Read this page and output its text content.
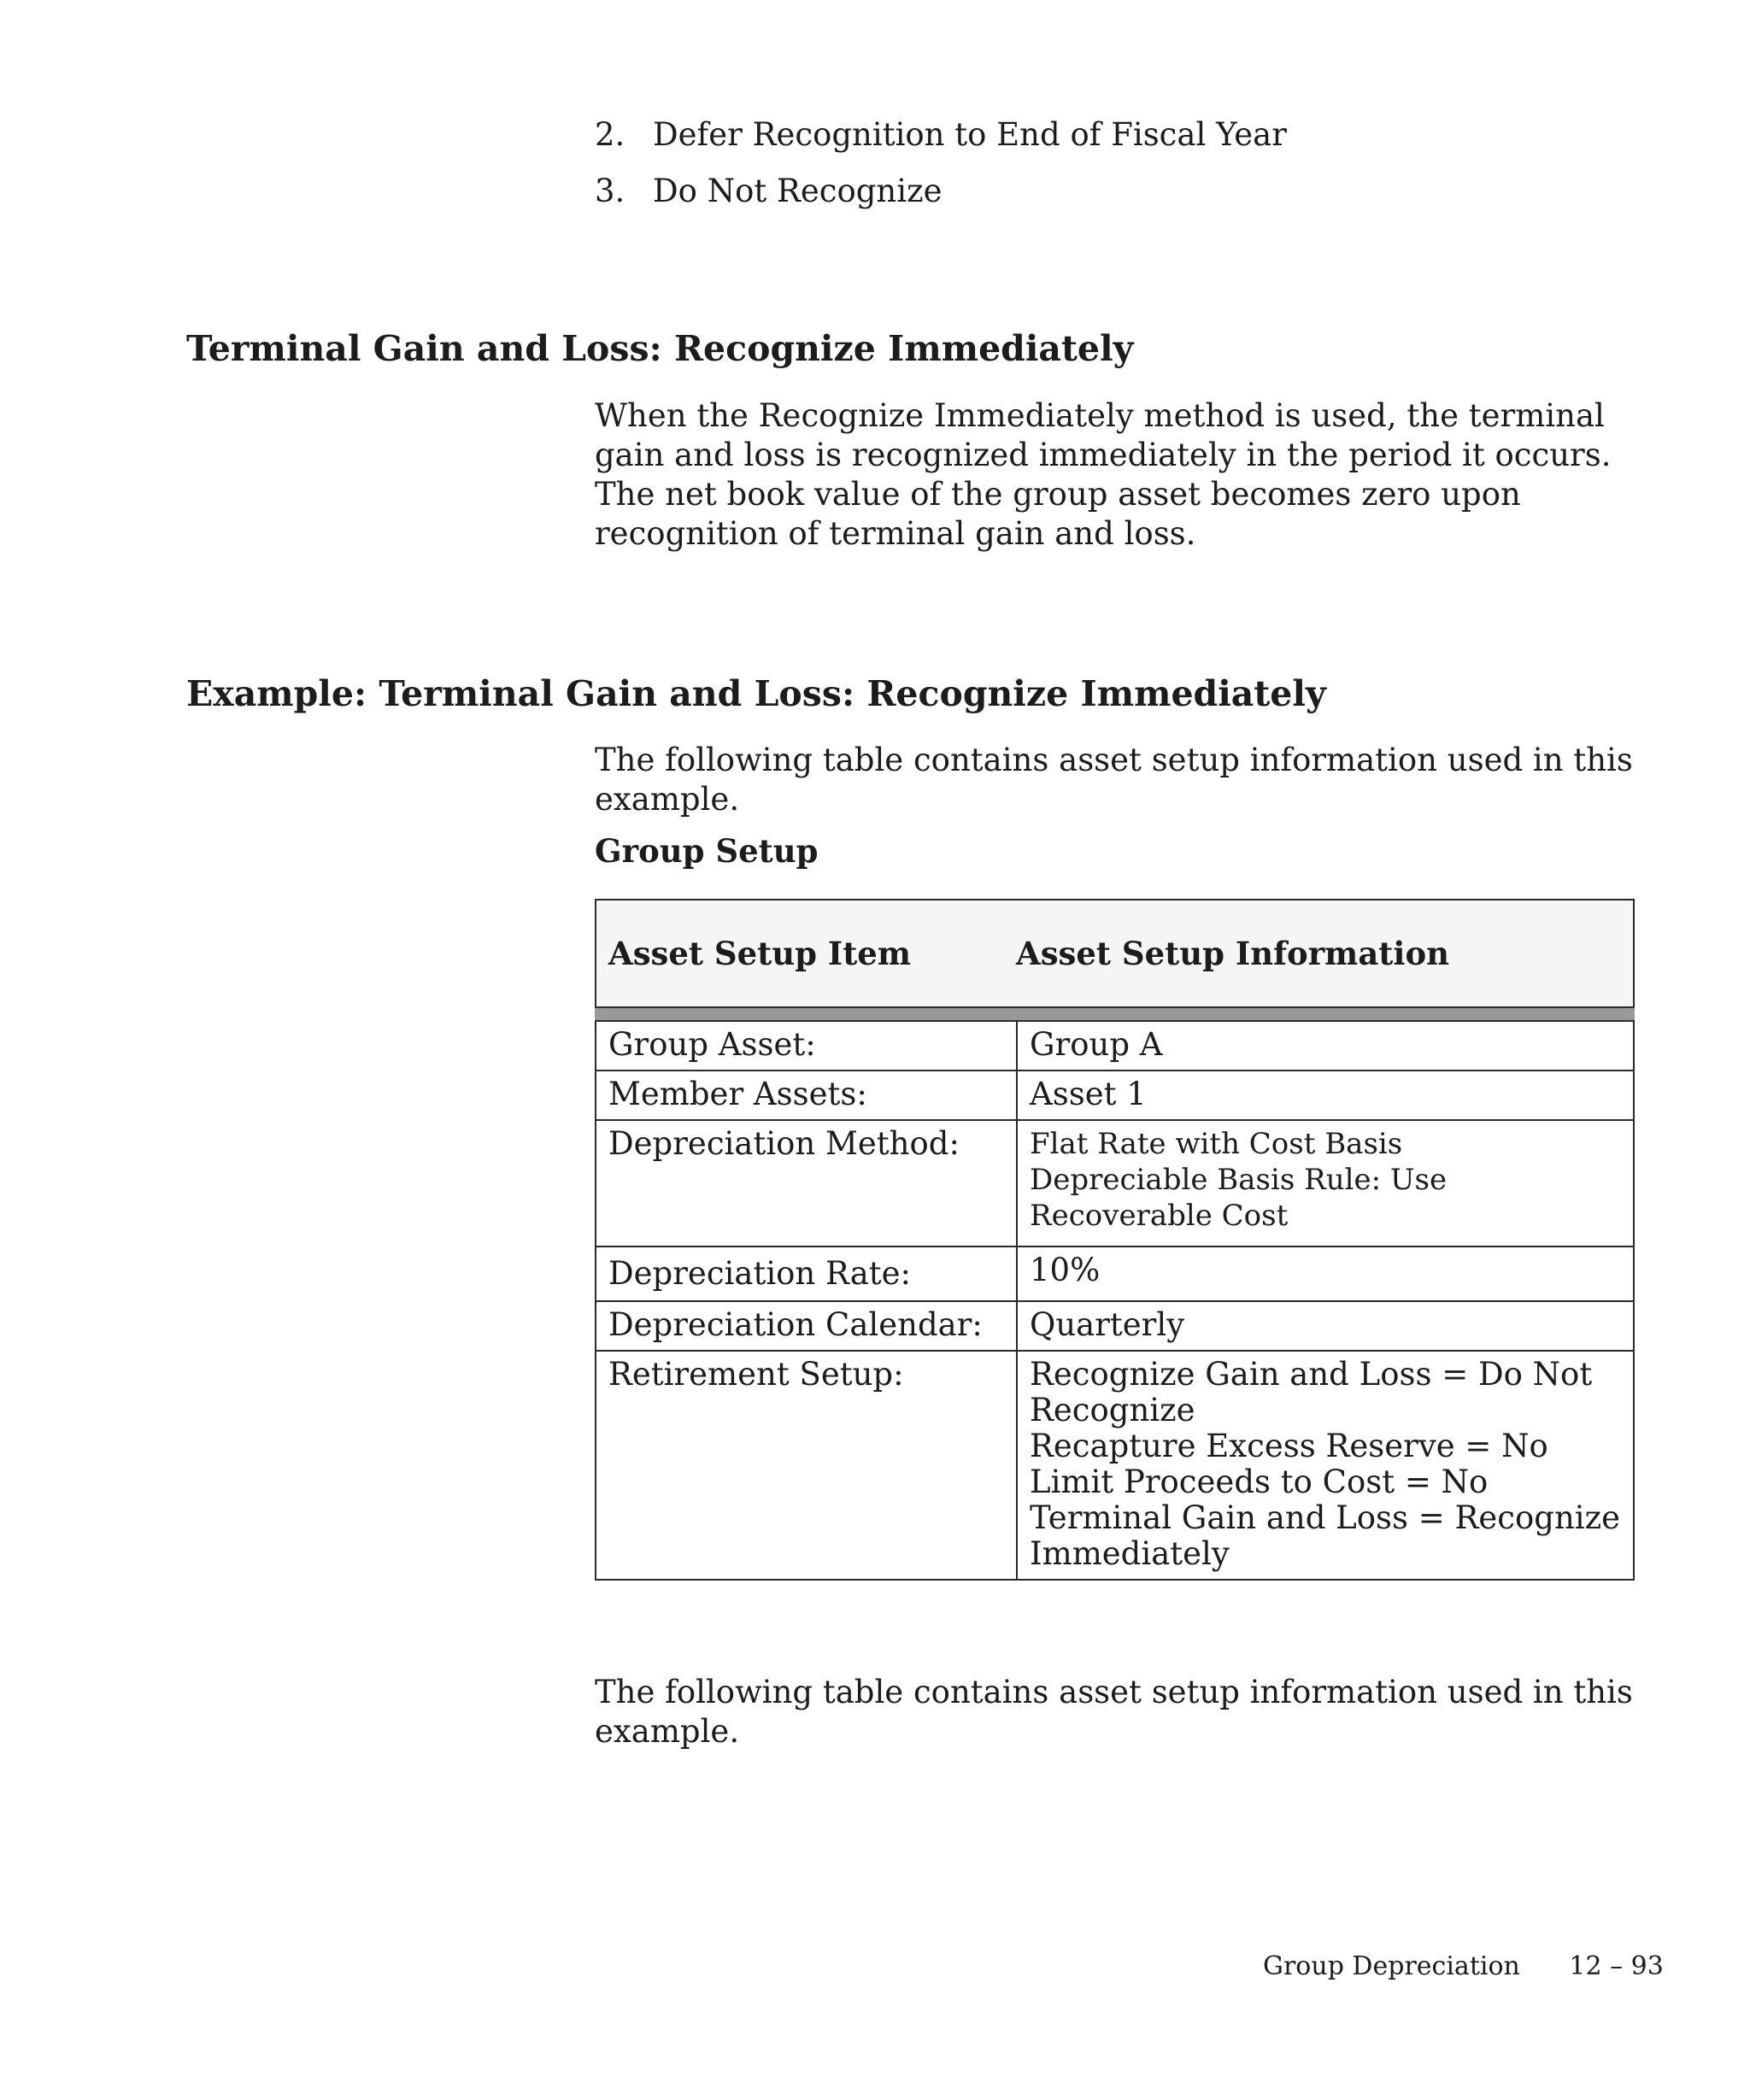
2. Defer Recognition to End of Fiscal Year
3. Do Not Recognize
Terminal Gain and Loss: Recognize Immediately

When the Recognize Immediately method is used, the terminal gain and loss is recognized immediately in the period it occurs. The net book value of the group asset becomes zero upon recognition of terminal gain and loss.

Example: Terminal Gain and Loss: Recognize Immediately

The following table contains asset setup information used in this example.

Group Setup

Asset Setup Item	Asset Setup Information
Group Asset:	Group A
Member Assets:	Asset 1
Depreciation Method:	Flat Rate with Cost Basis
Depreciable Basis Rule: Use Recoverable Cost

Depreciation Rate:	10%
Depreciation Calendar:	Quarterly
Retirement Setup:	Recognize Gain and Loss = Do Not Recognize
Recapture Excess Reserve = No
Limit Proceeds to Cost = No
Terminal Gain and Loss = Recognize Immediately

The following table contains asset setup information used in this example.

Group Depreciation 12 – 93
